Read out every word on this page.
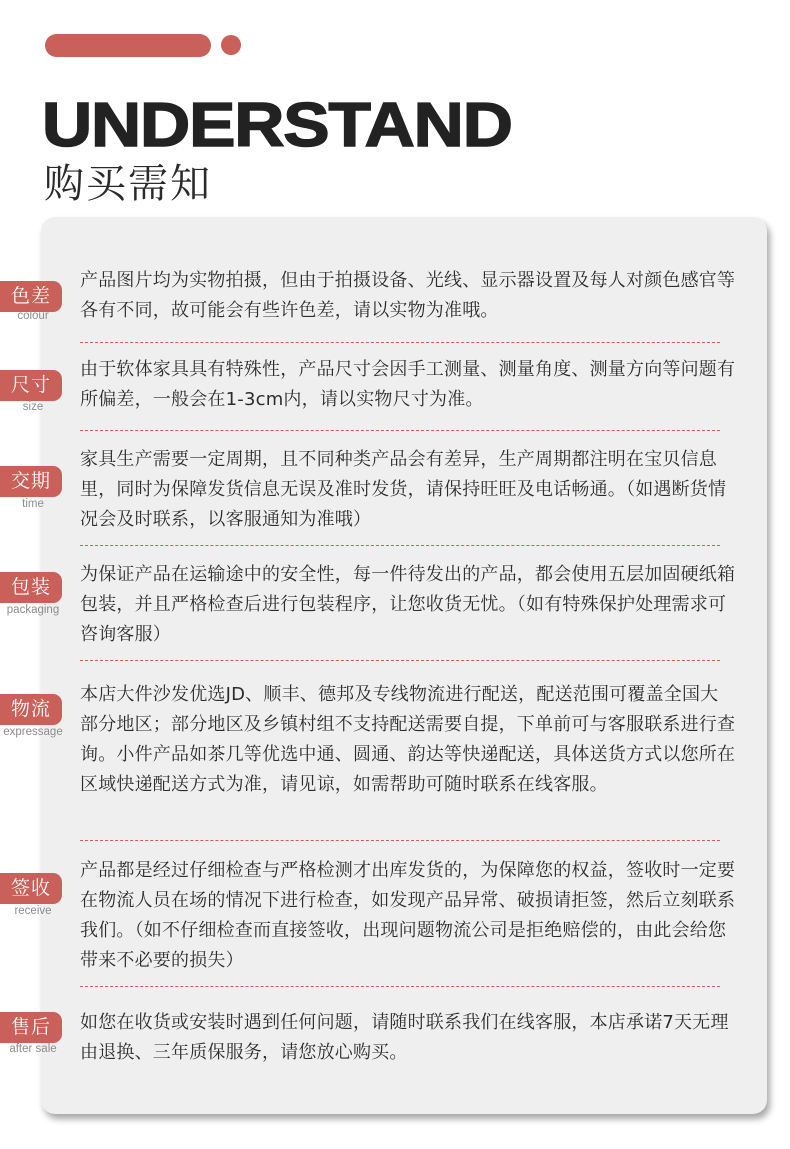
UNDERSTAND
购买需知
色差
colour

产品图片均为实物拍摄，但由于拍摄设备、光线、显示器设置及每人对颜色感官等各有不同，故可能会有些许色差，请以实物为准哦。

尺寸
size

由于软体家具具有特殊性，产品尺寸会因手工测量、测量角度、测量方向等问题有所偏差，一般会在1-3cm内，请以实物尺寸为准。

交期
time

家具生产需要一定周期，且不同种类产品会有差异，生产周期都注明在宝贝信息里，同时为保障发货信息无误及准时发货，请保持旺旺及电话畅通。（如遇断货情况会及时联系，以客服通知为准哦）

包装
packaging

为保证产品在运输途中的安全性，每一件待发出的产品，都会使用五层加固硬纸箱包装，并且严格检查后进行包装程序，让您收货无忧。（如有特殊保护处理需求可咨询客服）

物流
expressage

本店大件沙发优选JD、顺丰、德邦及专线物流进行配送，配送范围可覆盖全国大部分地区；部分地区及乡镇村组不支持配送需要自提，下单前可与客服联系进行查询。小件产品如茶几等优选中通、圆通、韵达等快递配送，具体送货方式以您所在区域快递配送方式为准，请见谅，如需帮助可随时联系在线客服。

签收
receive

产品都是经过仔细检查与严格检测才出库发货的，为保障您的权益，签收时一定要在物流人员在场的情况下进行检查，如发现产品异常、破损请拒签，然后立刻联系我们。（如不仔细检查而直接签收，出现问题物流公司是拒绝赔偿的，由此会给您带来不必要的损失）

售后
after sale

如您在收货或安装时遇到任何问题，请随时联系我们在线客服，本店承诺7天无理由退换、三年质保服务，请您放心购买。
